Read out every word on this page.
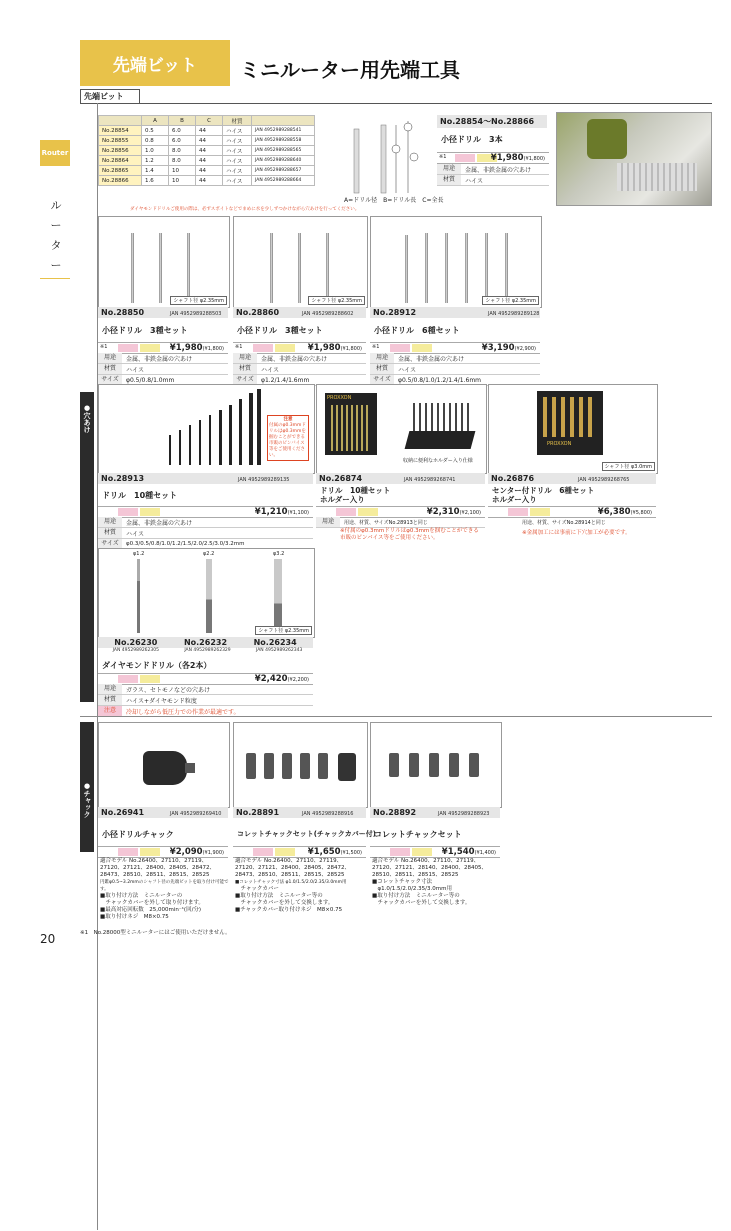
先端ビット	ミニルーター用先端工具
先端ビット
Router
ル
ー
タ
ー
●穴あけ
●チャック
	A	B	C	材質	
No.28854	0.5	6.0	44	ハイス	JAN 4952989288541
No.28855	0.8	6.0	44	ハイス	JAN 4952989288558
No.28856	1.0	8.0	44	ハイス	JAN 4952989288565
No.28864	1.2	8.0	44	ハイス	JAN 4952989288640
No.28865	1.4	10	44	ハイス	JAN 4952989288657
No.28866	1.6	10	44	ハイス	JAN 4952989288664
ダイヤモンドドリルご使用の際は、必ずスポイトなどでまめに水を少しずつかけながら穴あけを行ってください。
A=ドリル径　B=ドリル長　C=全長
No.28854〜No.28866
小径ドリル　3本
※1	¥1,980(¥1,800)
用途	金属、非鉄金属の穴あけ
材質	ハイス
シャフト径 φ2.35mm
No.28850	JAN 4952989288503
小径ドリル　3種セット
※1	¥1,980(¥1,800)
用途	金属、非鉄金属の穴あけ
材質	ハイス
サイズ	φ0.5/0.8/1.0mm
シャフト径 φ2.35mm
No.28860	JAN 4952989288602
小径ドリル　3種セット
※1	¥1,980(¥1,800)
用途	金属、非鉄金属の穴あけ
材質	ハイス
サイズ	φ1.2/1.4/1.6mm
シャフト径 φ2.35mm
No.28912	JAN 4952989289128
小径ドリル　6種セット
※1	¥3,190(¥2,900)
用途	金属、非鉄金属の穴あけ
材質	ハイス
サイズ	φ0.5/0.8/1.0/1.2/1.4/1.6mm
注意
付属のφ0.3mmドリルはφ0.3mmを掴むことができる市販のピンバイス等をご使用ください。
No.28913	JAN 4952989289135
ドリル　10種セット
¥1,210(¥1,100)
用途	金属、非鉄金属の穴あけ
材質	ハイス
サイズ	φ0.3/0.5/0.8/1.0/1.2/1.5/2.0/2.5/3.0/3.2mm
PROXXON
収納に便利なホルダー入り仕様
No.26874	JAN 4952989268741
ドリル　10種セット
ホルダー入り
¥2,310(¥2,100)
用途	用途、材質、サイズNo.28913と同じ
※付属のφ0.3mmドリルはφ0.3mmを掴むことができる市販のピンバイス等をご使用ください。
PROXXON
シャフト径 φ3.0mm
No.26876	JAN 4952989268765
センター付ドリル　6種セット
ホルダー入り
¥6,380(¥5,800)
用途、材質、サイズNo.28914と同じ
※金属加工には事前に下穴加工が必要です。
φ1.2	φ2.2	φ3.2
シャフト径 φ2.35mm
No.26230	No.26232	No.26234
JAN 4952989262305	JAN 4952989262329	JAN 4952989262343
ダイヤモンドドリル（各2本）
¥2,420(¥2,200)
用途	ガラス、セトモノなどの穴あけ
材質	ハイス+ダイヤモンド粒度
注意	冷却しながら低圧力での作業が最適です。
No.26941	JAN 4952989269410
小径ドリルチャック
¥2,090(¥1,900)
適合モデル No.26400、27110、27119、
27120、27121、28400、28405、28472、
28473、28510、28511、28515、28525
円錐φ0.5~3.2mmのシャフト径の先端ビットを取り付け可能です。
■取り付け方法　ミニルーターの
　チャックカバーを外して取り付けます。
■最高対応回転数　25,000min⁻¹(回/分)
■取り付けネジ　M8×0.75
No.28891	JAN 4952989288916
コレットチャックセット(チャックカバー付)
¥1,650(¥1,500)
適合モデル No.26400、27110、27119、
27120、27121、28400、28405、28472、
28473、28510、28511、28515、28525
■コレットチャック寸法 φ1.0/1.5/2.0/2.35/3.0mm用
　チャックカバー
■取り付け方法　ミニルーター等の
　チャックカバーを外して交換します。
■チャックカバー取り付けネジ　M8×0.75
No.28892	JAN 4952989288923
コレットチャックセット
¥1,540(¥1,400)
適合モデル No.26400、27110、27119、
27120、27121、28140、28400、28405、
28510、28511、28515、28525
■コレットチャック寸法
　φ1.0/1.5/2.0/2.35/3.0mm用
■取り付け方法　ミニルーター等の
　チャックカバーを外して交換します。
※1　No.28000型ミニルーターにはご使用いただけません。
20
